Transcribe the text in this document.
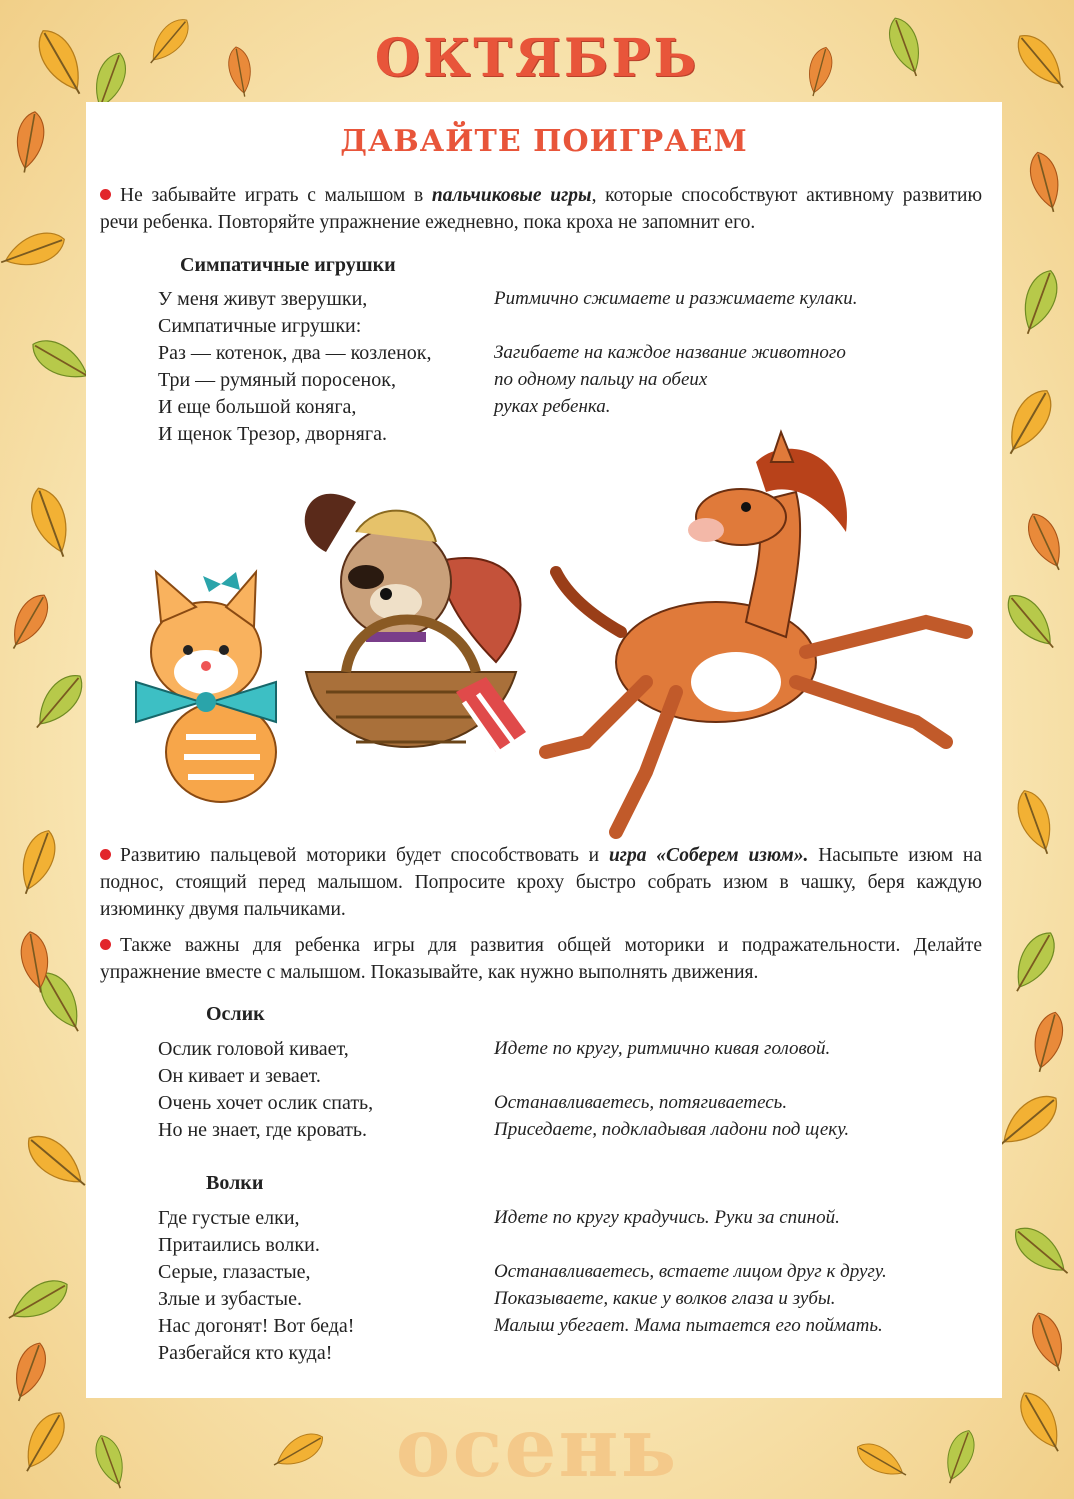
ОКТЯБРЬ
ДАВАЙТЕ ПОИГРАЕМ

Не забывайте играть с малышом в пальчиковые игры, которые способствуют активному развитию речи ребенка. Повторяйте упражнение ежедневно, пока кроха не запомнит его.

Симпатичные игрушки
У меня живут зверушки,	Ритмично сжимаете и разжимаете кулаки.
Симпатичные игрушки:
Раз — котенок, два — козленок,	Загибаете на каждое название животного
Три — румяный поросенок,	по одному пальцу на обеих
И еще большой коняга,	руках ребенка.
И щенок Трезор, дворняга.

Развитию пальцевой моторики будет способствовать и игра «Соберем изюм». Насыпьте изюм на поднос, стоящий перед малышом. Попросите кроху быстро собрать изюм в чашку, беря каждую изюминку двумя пальчиками.

Также важны для ребенка игры для развития общей моторики и подражательности. Делайте упражнение вместе с малышом. Показывайте, как нужно выполнять движения.

Ослик
Ослик головой кивает,	Идете по кругу, ритмично кивая головой.
Он кивает и зевает.
Очень хочет ослик спать,	Останавливаетесь, потягиваетесь.
Но не знает, где кровать.	Приседаете, подкладывая ладони под щеку.
Волки
Где густые елки,	Идете по кругу крадучись. Руки за спиной.
Притаились волки.
Серые, глазастые,	Останавливаетесь, встаете лицом друг к другу.
Злые и зубастые.	Показываете, какие у волков глаза и зубы.
Нас догонят! Вот беда!	Малыш убегает. Мама пытается его поймать.
Разбегайся кто куда!
осень
